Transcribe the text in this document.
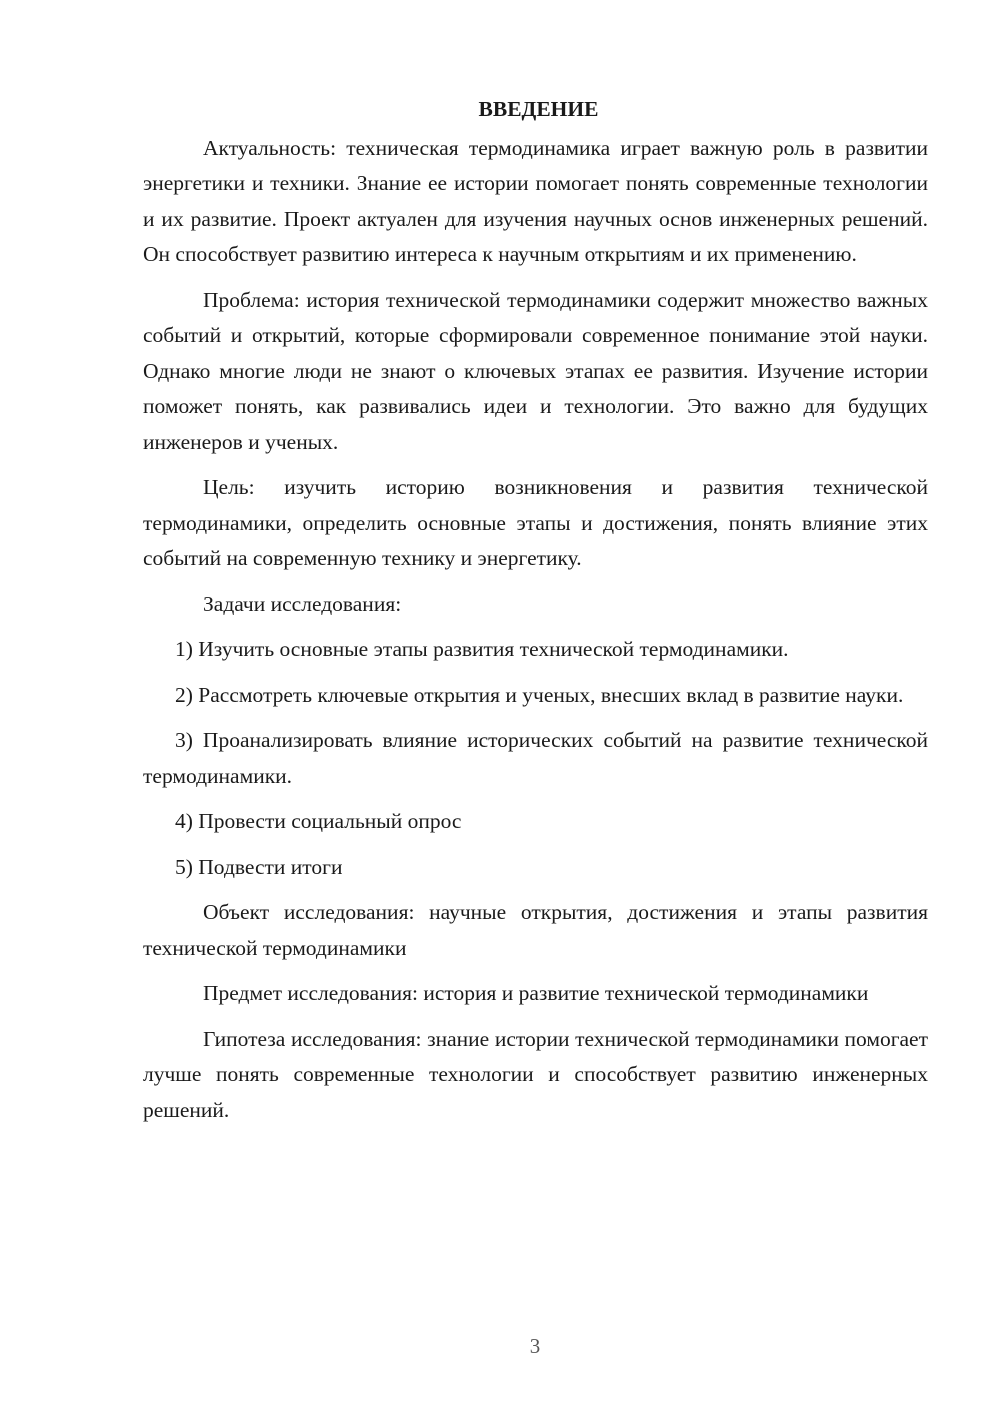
ВВЕДЕНИЕ

Актуальность: техническая термодинамика играет важную роль в развитии энергетики и техники. Знание ее истории помогает понять современные технологии и их развитие. Проект актуален для изучения научных основ инженерных решений. Он способствует развитию интереса к научным открытиям и их применению.

Проблема: история технической термодинамики содержит множество важных событий и открытий, которые сформировали современное понимание этой науки. Однако многие люди не знают о ключевых этапах ее развития. Изучение истории поможет понять, как развивались идеи и технологии. Это важно для будущих инженеров и ученых.

Цель: изучить историю возникновения и развития технической термодинамики, определить основные этапы и достижения, понять влияние этих событий на современную технику и энергетику.

Задачи исследования:

1) Изучить основные этапы развития технической термодинамики.

2) Рассмотреть ключевые открытия и ученых, внесших вклад в развитие науки.

3) Проанализировать влияние исторических событий на развитие технической термодинамики.

4) Провести социальный опрос

5) Подвести итоги

Объект исследования: научные открытия, достижения и этапы развития технической термодинамики

Предмет исследования: история и развитие технической термодинамики

Гипотеза исследования: знание истории технической термодинамики помогает лучше понять современные технологии и способствует развитию инженерных решений.

3
